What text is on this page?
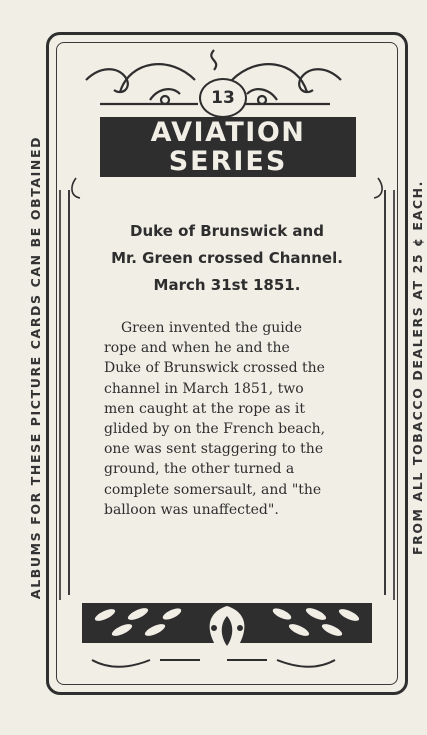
ALBUMS FOR THESE PICTURE CARDS CAN BE OBTAINED	FROM ALL TOBACCO DEALERS AT 25 ¢ EACH.
13
AVIATION
SERIES
Duke of Brunswick and
Mr. Green crossed Channel.
March 31st 1851.
Green invented the guide
rope and when he and the
Duke of Brunswick crossed the
channel in March 1851, two
men caught at the rope as it
glided by on the French beach,
one was sent staggering to the
ground, the other turned a
complete somersault, and "the
balloon was unaffected".
